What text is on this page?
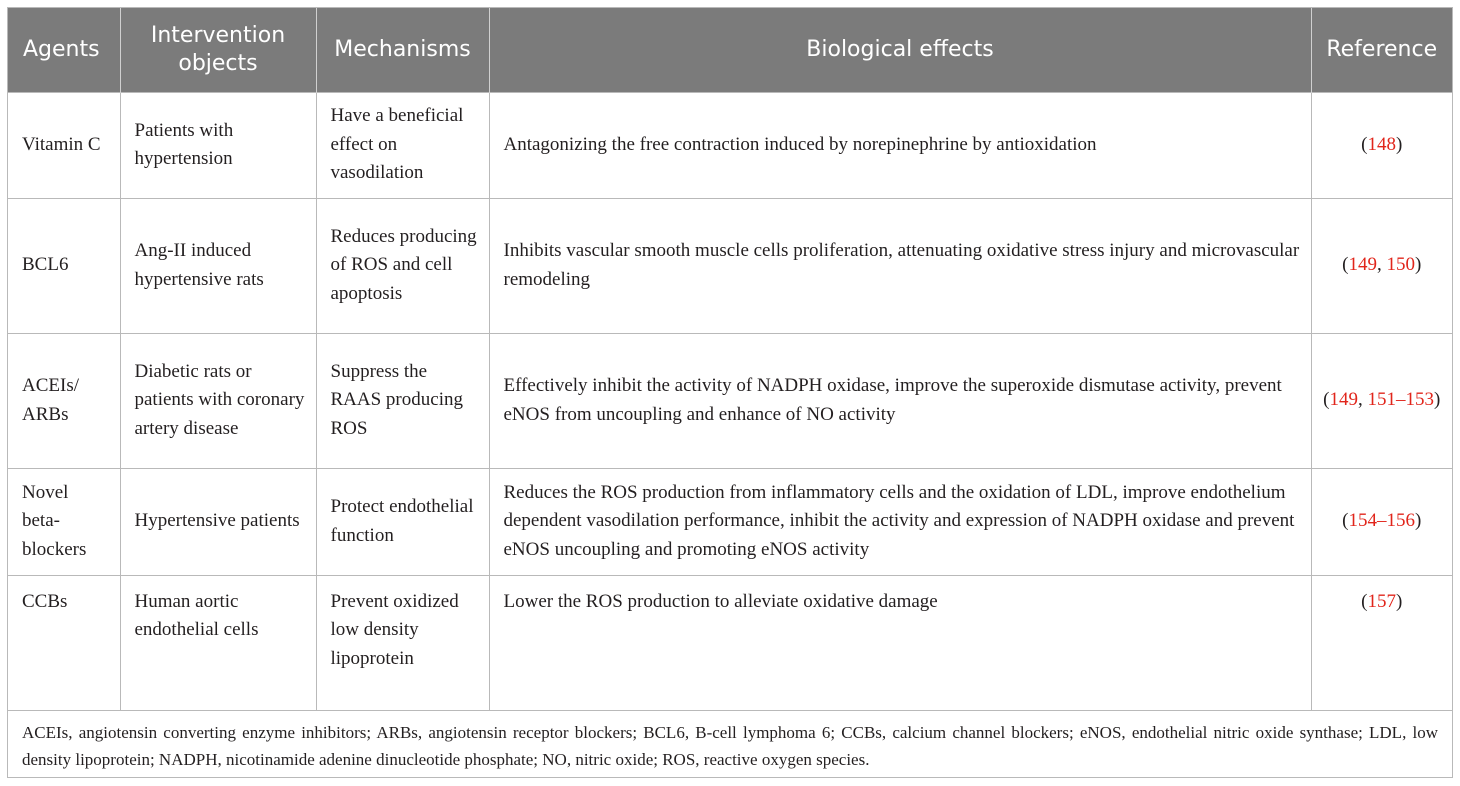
Agents	Intervention objects	Mechanisms	Biological effects	Reference
Vitamin C	Patients with hypertension	Have a beneficial effect on vasodilation	Antagonizing the free contraction induced by norepinephrine by antioxidation	(148)
BCL6	Ang-II induced hypertensive rats	Reduces producing of ROS and cell apoptosis	Inhibits vascular smooth muscle cells proliferation, attenuating oxidative stress injury and microvascular remodeling	(149, 150)
ACEIs/ ARBs	Diabetic rats or patients with coronary artery disease	Suppress the RAAS producing ROS	Effectively inhibit the activity of NADPH oxidase, improve the superoxide dismutase activity, prevent eNOS from uncoupling and enhance of NO activity	(149, 151–153)
Novel beta-blockers	Hypertensive patients	Protect endothelial function	Reduces the ROS production from inflammatory cells and the oxidation of LDL, improve endothelium dependent vasodilation performance, inhibit the activity and expression of NADPH oxidase and prevent eNOS uncoupling and promoting eNOS activity	(154–156)
CCBs	Human aortic endothelial cells	Prevent oxidized low density lipoprotein	Lower the ROS production to alleviate oxidative damage	(157)
ACEIs, angiotensin converting enzyme inhibitors; ARBs, angiotensin receptor blockers; BCL6, B-cell lymphoma 6; CCBs, calcium channel blockers; eNOS, endothelial nitric oxide synthase; LDL, low density lipoprotein; NADPH, nicotinamide adenine dinucleotide phosphate; NO, nitric oxide; ROS, reactive oxygen species.				
